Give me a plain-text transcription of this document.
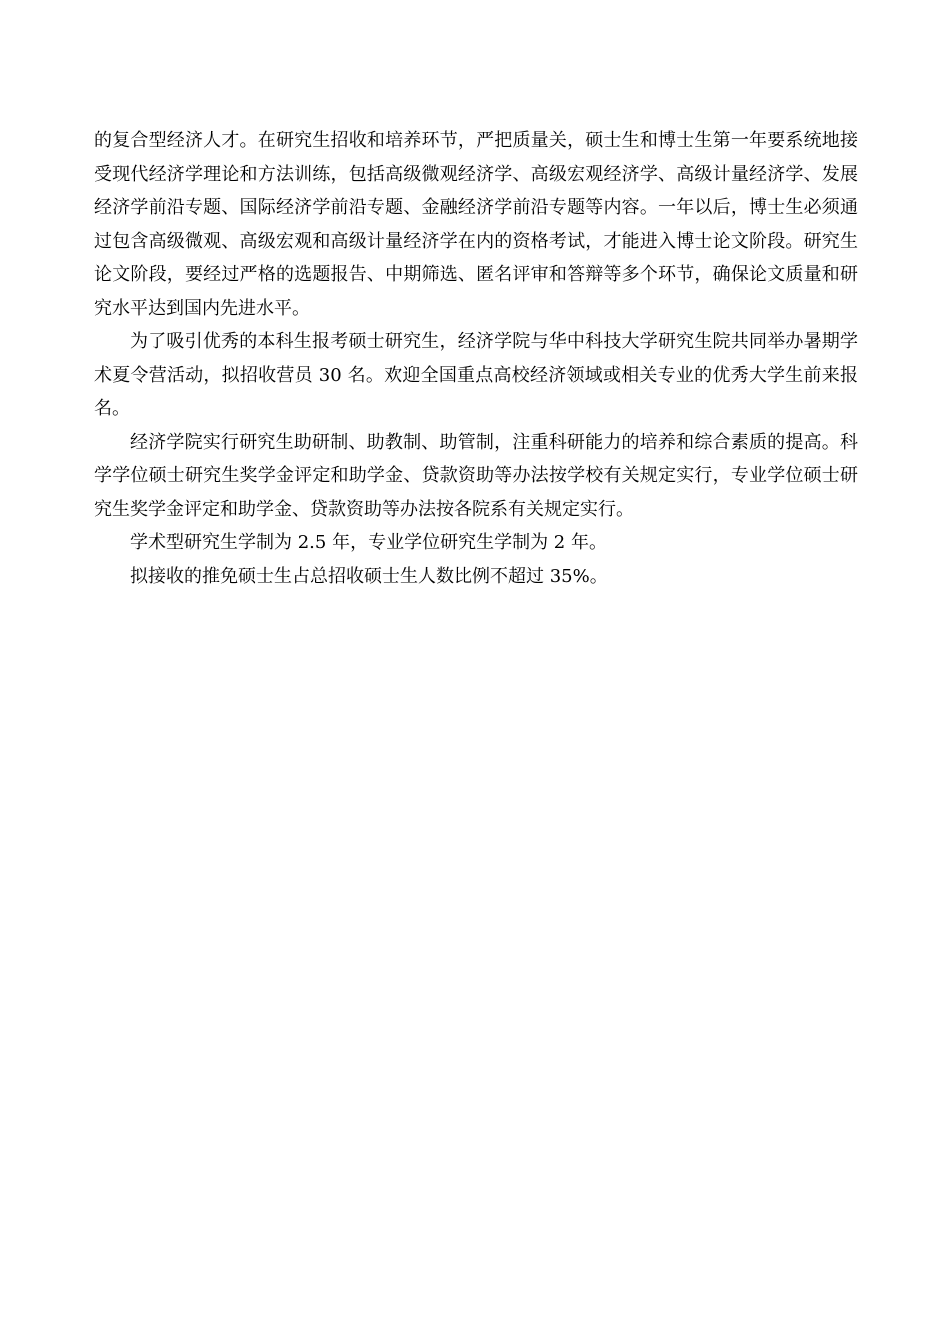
的复合型经济人才。在研究生招收和培养环节，严把质量关，硕士生和博士生第一年要系统地接受现代经济学理论和方法训练，包括高级微观经济学、高级宏观经济学、高级计量经济学、发展经济学前沿专题、国际经济学前沿专题、金融经济学前沿专题等内容。一年以后，博士生必须通过包含高级微观、高级宏观和高级计量经济学在内的资格考试，才能进入博士论文阶段。研究生论文阶段，要经过严格的选题报告、中期筛选、匿名评审和答辩等多个环节，确保论文质量和研究水平达到国内先进水平。

为了吸引优秀的本科生报考硕士研究生，经济学院与华中科技大学研究生院共同举办暑期学术夏令营活动，拟招收营员 30 名。欢迎全国重点高校经济领域或相关专业的优秀大学生前来报名。

经济学院实行研究生助研制、助教制、助管制，注重科研能力的培养和综合素质的提高。科学学位硕士研究生奖学金评定和助学金、贷款资助等办法按学校有关规定实行，专业学位硕士研究生奖学金评定和助学金、贷款资助等办法按各院系有关规定实行。

学术型研究生学制为 2.5 年，专业学位研究生学制为 2 年。

拟接收的推免硕士生占总招收硕士生人数比例不超过 35%。
